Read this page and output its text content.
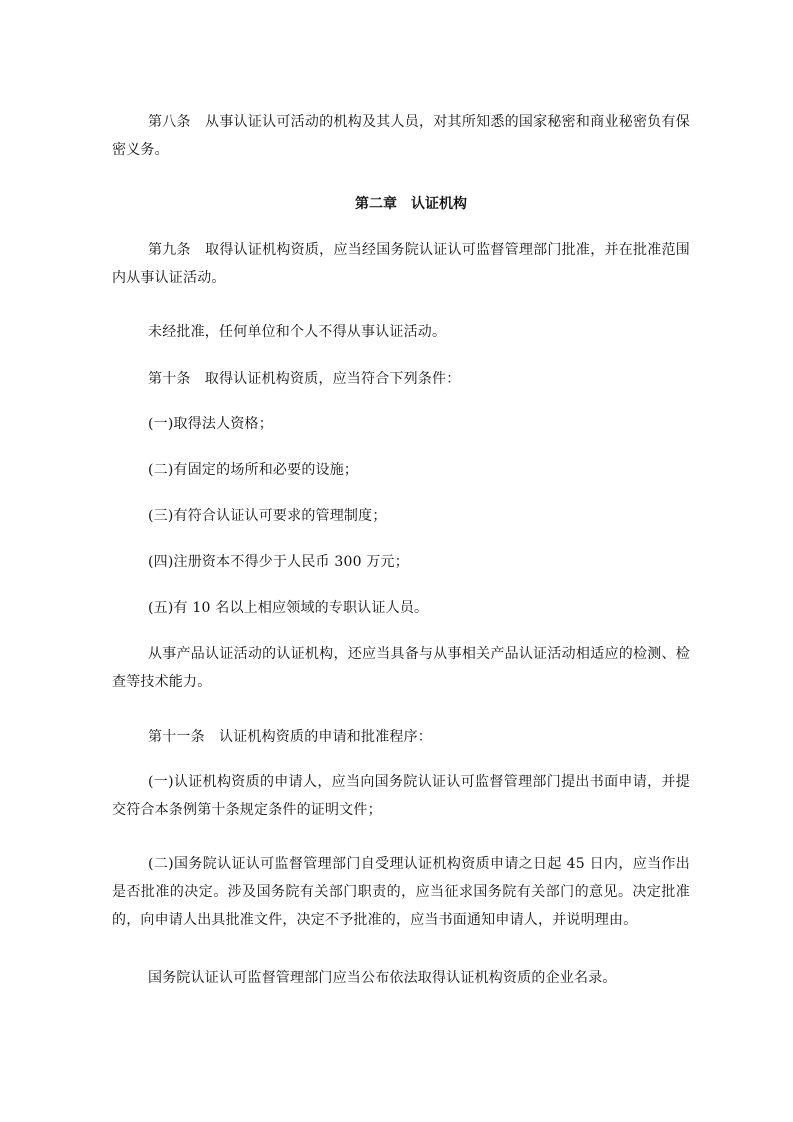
第八条　从事认证认可活动的机构及其人员，对其所知悉的国家秘密和商业秘密负有保密义务。

第二章　认证机构

第九条　取得认证机构资质，应当经国务院认证认可监督管理部门批准，并在批准范围内从事认证活动。

未经批准，任何单位和个人不得从事认证活动。

第十条　取得认证机构资质，应当符合下列条件：

(一)取得法人资格；

(二)有固定的场所和必要的设施；

(三)有符合认证认可要求的管理制度；

(四)注册资本不得少于人民币 300 万元；

(五)有 10 名以上相应领域的专职认证人员。

从事产品认证活动的认证机构，还应当具备与从事相关产品认证活动相适应的检测、检查等技术能力。

第十一条　认证机构资质的申请和批准程序：

(一)认证机构资质的申请人，应当向国务院认证认可监督管理部门提出书面申请，并提交符合本条例第十条规定条件的证明文件；

(二)国务院认证认可监督管理部门自受理认证机构资质申请之日起 45 日内，应当作出是否批准的决定。涉及国务院有关部门职责的，应当征求国务院有关部门的意见。决定批准的，向申请人出具批准文件，决定不予批准的，应当书面通知申请人，并说明理由。

国务院认证认可监督管理部门应当公布依法取得认证机构资质的企业名录。
